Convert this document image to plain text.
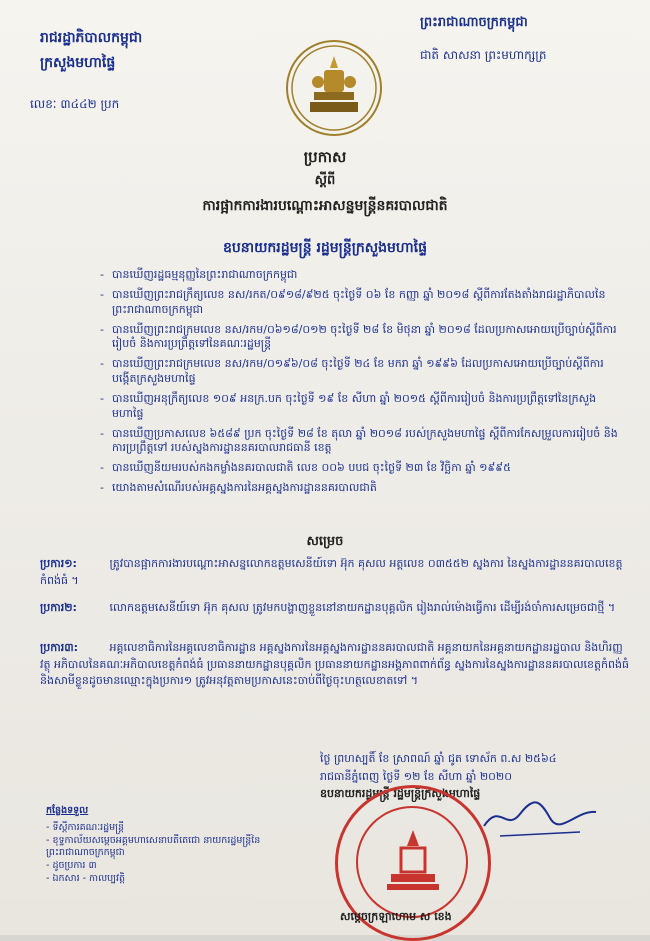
រាជរដ្ឋាភិបាលកម្ពុជា
ក្រសួងមហាផ្ទៃ
ព្រះរាជាណាចក្រកម្ពុជា
ជាតិ សាសនា ព្រះមហាក្សត្រ
លេខៈ ៣៤៤២ ប្រក
ប្រកាស
ស្ដីពី
ការផ្អាកការងារបណ្ដោះអាសន្នមន្ត្រីនគរបាលជាតិ
ឧបនាយករដ្ឋមន្ត្រី រដ្ឋមន្ត្រីក្រសួងមហាផ្ទៃ
- បានឃើញរដ្ឋធម្មនុញ្ញនៃព្រះរាជាណាចក្រកម្ពុជា
- បានឃើញព្រះរាជក្រឹត្យលេខ នស/រកត/០៩១៨/៩២៥ ចុះថ្ងៃទី ០៦ ខែ កញ្ញា ឆ្នាំ ២០១៨ ស្ដីពីការតែងតាំងរាជរដ្ឋាភិបាលនៃព្រះរាជាណាចក្រកម្ពុជា
- បានឃើញព្រះរាជក្រមលេខ នស/រកម/០៦១៨/០១២ ចុះថ្ងៃទី ២៨ ខែ មិថុនា ឆ្នាំ ២០១៨ ដែលប្រកាសអោយប្រើច្បាប់ស្ដីពីការរៀបចំ និងការប្រព្រឹត្តទៅនៃគណៈរដ្ឋមន្ត្រី
- បានឃើញព្រះរាជក្រមលេខ នស/រកម/០១៩៦/០៨ ចុះថ្ងៃទី ២៤ ខែ មករា ឆ្នាំ ១៩៩៦ ដែលប្រកាសអោយប្រើច្បាប់ស្ដីពីការបង្កើតក្រសួងមហាផ្ទៃ
- បានឃើញអនុក្រឹត្យលេខ ១០៩ អនក្រ.បក ចុះថ្ងៃទី ១៩ ខែ សីហា ឆ្នាំ ២០១៥ ស្ដីពីការរៀបចំ និងការប្រព្រឹត្តទៅនៃក្រសួងមហាផ្ទៃ
- បានឃើញប្រកាសលេខ ៦៥៨៩ ប្រក ចុះថ្ងៃទី ២៨ ខែ តុលា ឆ្នាំ ២០១៨ របស់ក្រសួងមហាផ្ទៃ ស្ដីពីការកែសម្រួលការរៀបចំ និងការប្រព្រឹត្តទៅ របស់ស្នងការដ្ឋាននគរបាលរាជធានី ខេត្ត
- បានឃើញនីយមរបស់កងកម្លាំងនគរបាលជាតិ លេខ ០០៦ បបជ ចុះថ្ងៃទី ២៣ ខែ វិច្ឆិកា ឆ្នាំ ១៩៩៥
- យោងតាមសំណើរបស់អគ្គស្នងការនៃអគ្គស្នងការដ្ឋាននគរបាលជាតិ
សម្រេច
ប្រការ១:	ត្រូវបានផ្អាកការងារបណ្ដោះអាសន្នលោកឧត្ដមសេនីយ៍ទោ អ៊ុក គុសល អត្តលេខ ០៣៥៥២ ស្នងការ នៃស្នងការដ្ឋាននគរបាលខេត្តកំពង់ធំ ។
ប្រការ២:	លោកឧត្ដមសេនីយ៍ទោ អ៊ុក គុសល ត្រូវមកបង្ហាញខ្លួននៅនាយកដ្ឋានបុគ្គលិក រៀងរាល់ម៉ោងធ្វើការ ដើម្បីរង់ចាំការសម្រេចជាថ្មី ។
ប្រការ៣:	អគ្គលេខាធិការនៃអគ្គលេខាធិការដ្ឋាន អគ្គស្នងការនៃអគ្គស្នងការដ្ឋាននគរបាលជាតិ អគ្គនាយកនៃអគ្គនាយកដ្ឋានរដ្ឋបាល និងហិរញ្ញវត្ថុ អភិបាលនៃគណៈអភិបាលខេត្តកំពង់ធំ ប្រធាននាយកដ្ឋានបុគ្គលិក ប្រធាននាយកដ្ឋានអង្គភាពពាក់ព័ន្ធ ស្នងការនៃស្នងការដ្ឋាននគរបាលខេត្តកំពង់ធំ និងសាមីខ្លួនដូចមានឈ្មោះក្នុងប្រការ១ ត្រូវអនុវត្តតាមប្រកាសនេះចាប់ពីថ្ងៃចុះហត្ថលេខាតទៅ ។
ថ្ងៃ ព្រហស្បតិ៍ ខែ ស្រាពណ៍ ឆ្នាំ ជូត ទោស័ក ព.ស ២៥៦៤
រាជធានីភ្នំពេញ ថ្ងៃទី ១២ ខែ សីហា ឆ្នាំ ២០២០
ឧបនាយករដ្ឋមន្ត្រី រដ្ឋមន្ត្រីក្រសួងមហាផ្ទៃ
កន្លែងទទួល
- ទីស្ដីការគណៈរដ្ឋមន្ត្រី
- ខុទ្ទកាល័យសម្ដេចអគ្គមហាសេនាបតីតេជោ នាយករដ្ឋមន្ត្រីនៃព្រះរាជាណាចក្រកម្ពុជា
- ដូចប្រការ ៣
- ឯកសារ - កាលប្បវត្តិ
សម្ដេចក្រឡាហោម ស ខេង
